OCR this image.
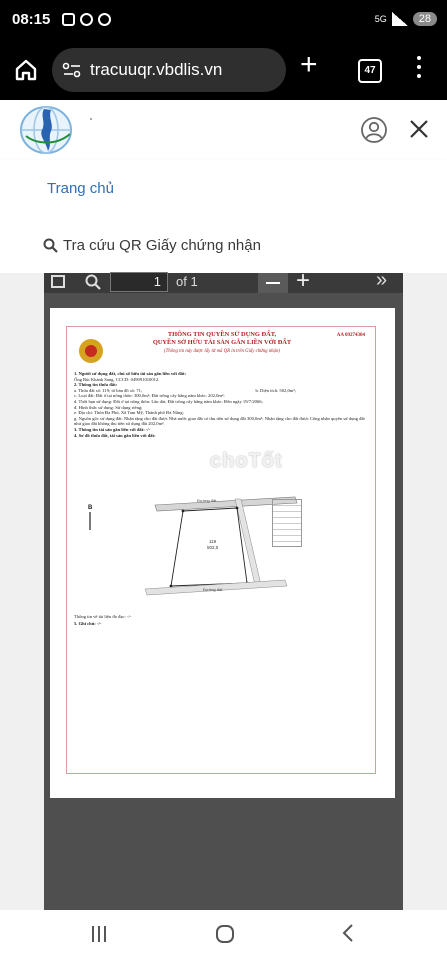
08:15	5G	28
tracuuqr.vbdlis.vn	+	47
Trang chủ
Tra cứu QR Giấy chứng nhận
1	of 1	+	»
THÔNG TIN QUYỀN SỬ DỤNG ĐẤT,
QUYỀN SỞ HỮU TÀI SẢN GẮN LIỀN VỚI ĐẤT
(Thông tin này được lấy từ mã QR in trên Giấy chứng nhận)
AA 09274304
1. Người sử dụng đất, chủ sở hữu tài sản gắn liền với đất:
Ông Bùi Khánh Sang, CCCD: 049091010012.
2. Thông tin thửa đất:
a. Thửa đất số: 119; tờ bản đồ số: 71;	b. Diện tích: 502,0m²;
c. Loại đất: Đất ở tại nông thôn: 300,0m²; Đất trồng cây hằng năm khác: 202,0m²;
d. Thời hạn sử dụng: Đất ở tại nông thôn: Lâu dài; Đất trồng cây hằng năm khác: Đến ngày 19/7/2066;
đ. Hình thức sử dụng: Sử dụng riêng;
e. Địa chỉ: Thôn Đa Phú, Xã Tam Mỹ, Thành phố Đà Nẵng;
g. Nguồn gốc sử dụng đất: Nhận tặng cho đất được Nhà nước giao đất có thu tiền sử dụng đất 300,0m²; Nhận tặng cho đất được Công nhận quyền sử dụng đất như giao đất không thu tiền sử dụng đất 202,0m².
3. Thông tin tài sản gắn liền với đất: -/-
4. Sơ đồ thửa đất, tài sản gắn liền với đất:
B
Đường đất
Đường đất
119
502,0
Thông tin về tài liệu đo đạc: -/-
5. Ghi chú: -/-
choTốt
